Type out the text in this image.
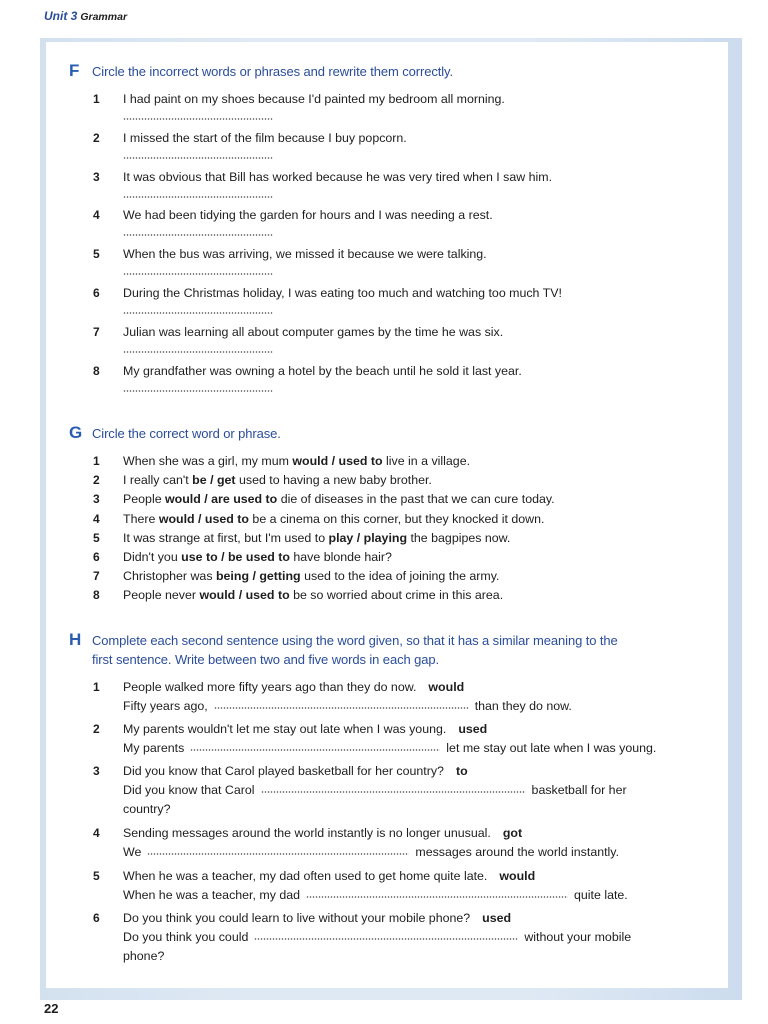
Unit 3 Grammar
F Circle the incorrect words or phrases and rewrite them correctly.
1 I had paint on my shoes because I'd painted my bedroom all morning.
2 I missed the start of the film because I buy popcorn.
3 It was obvious that Bill has worked because he was very tired when I saw him.
4 We had been tidying the garden for hours and I was needing a rest.
5 When the bus was arriving, we missed it because we were talking.
6 During the Christmas holiday, I was eating too much and watching too much TV!
7 Julian was learning all about computer games by the time he was six.
8 My grandfather was owning a hotel by the beach until he sold it last year.
G Circle the correct word or phrase.
1 When she was a girl, my mum would / used to live in a village.
2 I really can't be / get used to having a new baby brother.
3 People would / are used to die of diseases in the past that we can cure today.
4 There would / used to be a cinema on this corner, but they knocked it down.
5 It was strange at first, but I'm used to play / playing the bagpipes now.
6 Didn't you use to / be used to have blonde hair?
7 Christopher was being / getting used to the idea of joining the army.
8 People never would / used to be so worried about crime in this area.
H Complete each second sentence using the word given, so that it has a similar meaning to the
first sentence. Write between two and five words in each gap.
1 People walked more fifty years ago than they do now. would
Fifty years ago,	than they do now.
2 My parents wouldn't let me stay out late when I was young. used
My parents	let me stay out late when I was young.
3 Did you know that Carol played basketball for her country? to
Did you know that Carol	basketball for her
country?
4 Sending messages around the world instantly is no longer unusual. got
We	messages around the world instantly.
5 When he was a teacher, my dad often used to get home quite late. would
When he was a teacher, my dad	quite late.
6 Do you think you could learn to live without your mobile phone? used
Do you think you could	without your mobile
phone?
22
